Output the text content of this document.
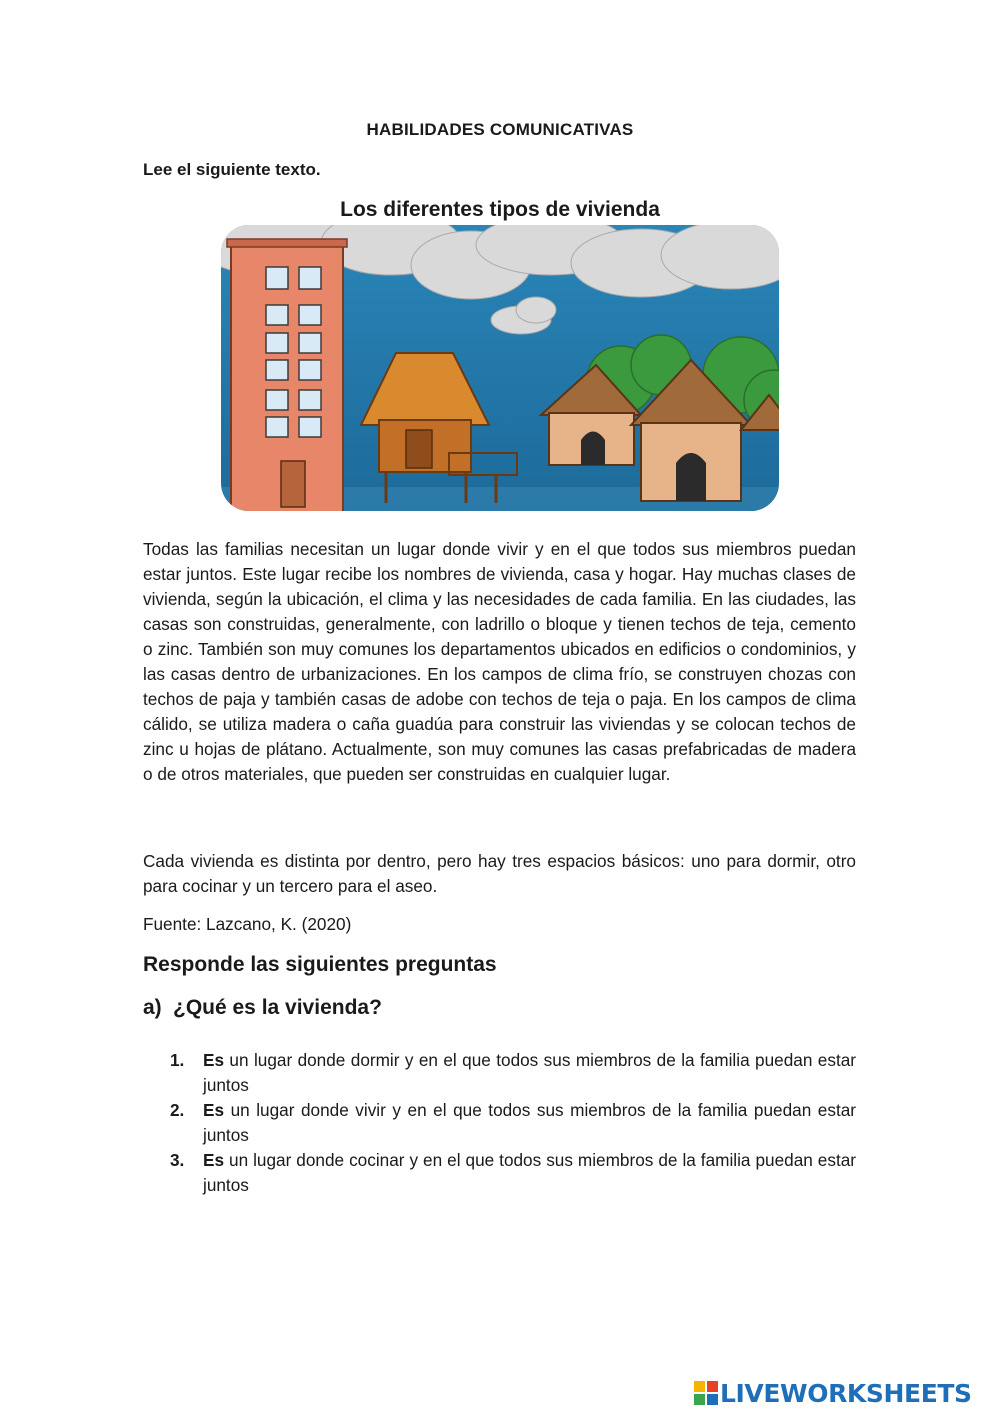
HABILIDADES COMUNICATIVAS
Lee el siguiente texto.
Los diferentes tipos de vivienda

Todas las familias necesitan un lugar donde vivir y en el que todos sus miembros puedan estar juntos. Este lugar recibe los nombres de vivienda, casa y hogar. Hay muchas clases de vivienda, según la ubicación, el clima y las necesidades de cada familia. En las ciudades, las casas son construidas, generalmente, con ladrillo o bloque y tienen techos de teja, cemento o zinc. También son muy comunes los departamentos ubicados en edificios o condominios, y las casas dentro de urbanizaciones. En los campos de clima frío, se construyen chozas con techos de paja y también casas de adobe con techos de teja o paja. En los campos de clima cálido, se utiliza madera o caña guadúa para construir las viviendas y se colocan techos de zinc u hojas de plátano. Actualmente, son muy comunes las casas prefabricadas de madera o de otros materiales, que pueden ser construidas en cualquier lugar.

Cada vivienda es distinta por dentro, pero hay tres espacios básicos: uno para dormir, otro para cocinar y un tercero para el aseo.

Fuente: Lazcano, K. (2020)

Responde las siguientes preguntas
a) ¿Qué es la vivienda?
1. Es un lugar donde dormir y en el que todos sus miembros de la familia puedan estar juntos
2. Es un lugar donde vivir y en el que todos sus miembros de la familia puedan estar juntos
3. Es un lugar donde cocinar y en el que todos sus miembros de la familia puedan estar juntos
LIVEWORKSHEETS
